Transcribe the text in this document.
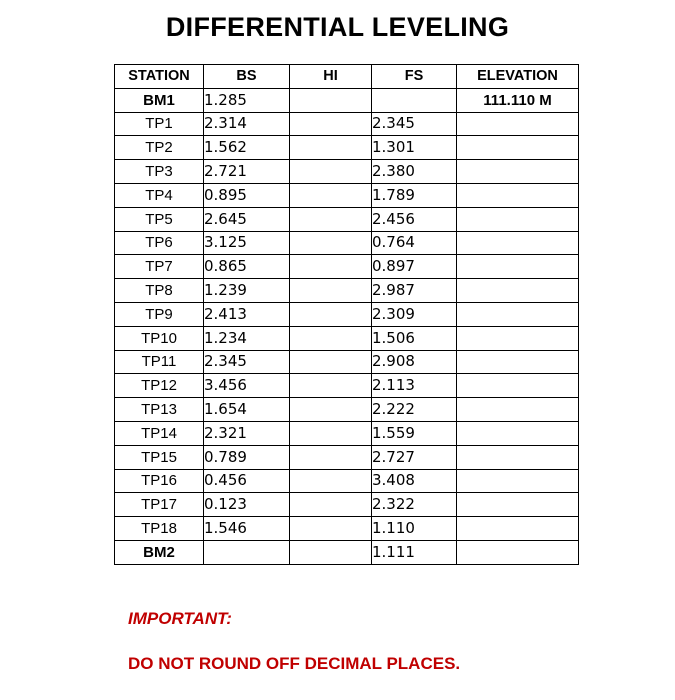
DIFFERENTIAL LEVELING
STATION	BS	HI	FS	ELEVATION
BM1	1.285			111.110 M
TP1	2.314		2.345	
TP2	1.562		1.301	
TP3	2.721		2.380	
TP4	0.895		1.789	
TP5	2.645		2.456	
TP6	3.125		0.764	
TP7	0.865		0.897	
TP8	1.239		2.987	
TP9	2.413		2.309	
TP10	1.234		1.506	
TP11	2.345		2.908	
TP12	3.456		2.113	
TP13	1.654		2.222	
TP14	2.321		1.559	
TP15	0.789		2.727	
TP16	0.456		3.408	
TP17	0.123		2.322	
TP18	1.546		1.110	
BM2			1.111	
IMPORTANT:
DO NOT ROUND OFF DECIMAL PLACES.
